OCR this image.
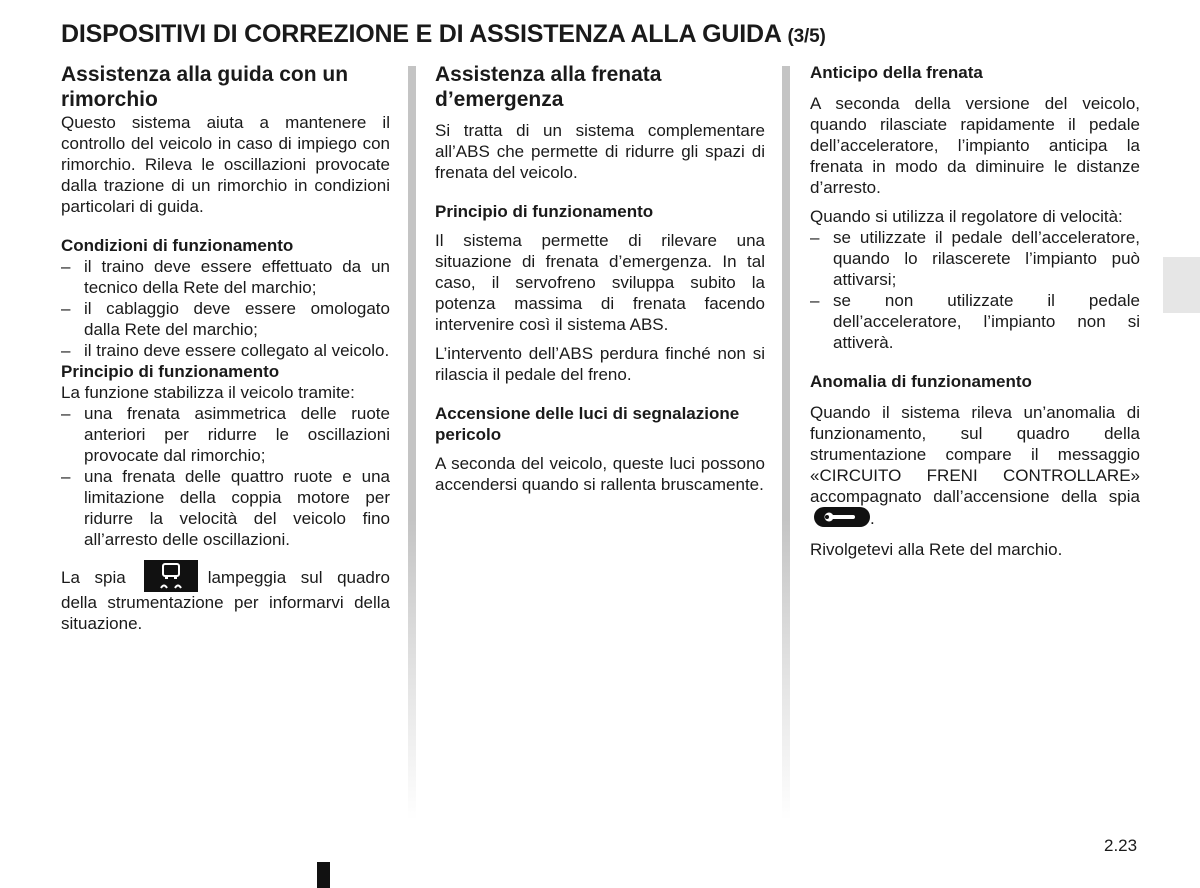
DISPOSITIVI DI CORREZIONE E DI ASSISTENZA ALLA GUIDA (3/5)
Assistenza alla guida con un rimorchio

Questo sistema aiuta a mantenere il controllo del veicolo in caso di impiego con rimorchio. Rileva le oscillazioni provocate dalla trazione di un rimorchio in condizioni particolari di guida.

Condizioni di funzionamento
– il traino deve essere effettuato da un tecnico della Rete del marchio;
– il cablaggio deve essere omologato dalla Rete del marchio;
– il traino deve essere collegato al veicolo.
Principio di funzionamento

La funzione stabilizza il veicolo tramite:

– una frenata asimmetrica delle ruote anteriori per ridurre le oscillazioni provocate dal rimorchio;
– una frenata delle quattro ruote e una limitazione della coppia motore per ridurre la velocità del veicolo fino all’arresto delle oscillazioni.

La spia	lampeggia sul quadro della strumentazione per informarvi della situazione.

Assistenza alla frenata d’emergenza

Si tratta di un sistema complementare all’ABS che permette di ridurre gli spazi di frenata del veicolo.

Principio di funzionamento

Il sistema permette di rilevare una situazione di frenata d’emergenza. In tal caso, il servofreno sviluppa subito la potenza massima di frenata facendo intervenire così il sistema ABS.

L’intervento dell’ABS perdura finché non si rilascia il pedale del freno.

Accensione delle luci di segnalazione pericolo

A seconda del veicolo, queste luci possono accendersi quando si rallenta bruscamente.

Anticipo della frenata

A seconda della versione del veicolo, quando rilasciate rapidamente il pedale dell’acceleratore, l’impianto anticipa la frenata in modo da diminuire le distanze d’arresto.

Quando si utilizza il regolatore di velocità:

– se utilizzate il pedale dell’acceleratore, quando lo rilascerete l’impianto può attivarsi;
– se non utilizzate il pedale dell’acceleratore, l’impianto non si attiverà.
Anomalia di funzionamento

Quando il sistema rileva un’anomalia di funzionamento, sul quadro della strumentazione compare il messaggio «CIRCUITO FRENI CONTROLLARE» accompagnato dall’accensione della spia
.

Rivolgetevi alla Rete del marchio.

2.23
